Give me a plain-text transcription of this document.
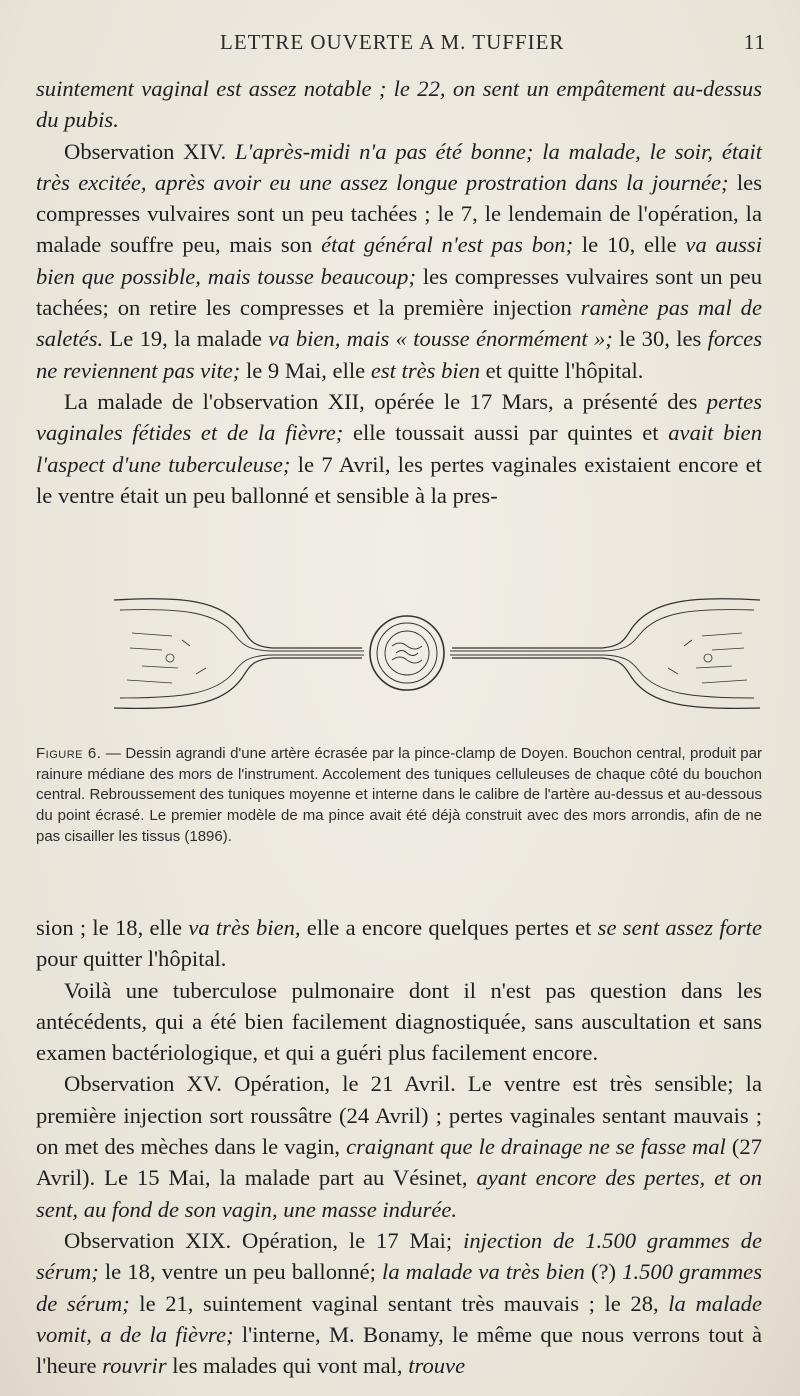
LETTRE OUVERTE A M. TUFFIER	11

suintement vaginal est assez notable ; le 22, on sent un empâtement au-dessus du pubis.

Observation XIV. L'après-midi n'a pas été bonne; la malade, le soir, était très excitée, après avoir eu une assez longue prostration dans la journée; les compresses vulvaires sont un peu tachées ; le 7, le lendemain de l'opération, la malade souffre peu, mais son état général n'est pas bon; le 10, elle va aussi bien que possible, mais tousse beaucoup; les compresses vulvaires sont un peu tachées; on retire les compresses et la première injection ramène pas mal de saletés. Le 19, la malade va bien, mais « tousse énormément »; le 30, les forces ne reviennent pas vite; le 9 Mai, elle est très bien et quitte l'hôpital.

La malade de l'observation XII, opérée le 17 Mars, a présenté des pertes vaginales fétides et de la fièvre; elle toussait aussi par quintes et avait bien l'aspect d'une tuberculeuse; le 7 Avril, les pertes vaginales existaient encore et le ventre était un peu ballonné et sensible à la pres-

Figure 6. — Dessin agrandi d'une artère écrasée par la pince-clamp de Doyen. Bouchon central, produit par rainure médiane des mors de l'instrument. Accolement des tuniques celluleuses de chaque côté du bouchon central. Rebroussement des tuniques moyenne et interne dans le calibre de l'artère au-dessus et au-dessous du point écrasé. Le premier modèle de ma pince avait été déjà construit avec des mors arrondis, afin de ne pas cisailler les tissus (1896).

sion ; le 18, elle va très bien, elle a encore quelques pertes et se sent assez forte pour quitter l'hôpital.

Voilà une tuberculose pulmonaire dont il n'est pas question dans les antécédents, qui a été bien facilement diagnostiquée, sans auscultation et sans examen bactériologique, et qui a guéri plus facilement encore.

Observation XV. Opération, le 21 Avril. Le ventre est très sensible; la première injection sort roussâtre (24 Avril) ; pertes vaginales sentant mauvais ; on met des mèches dans le vagin, craignant que le drainage ne se fasse mal (27 Avril). Le 15 Mai, la malade part au Vésinet, ayant encore des pertes, et on sent, au fond de son vagin, une masse indurée.

Observation XIX. Opération, le 17 Mai; injection de 1.500 grammes de sérum; le 18, ventre un peu ballonné; la malade va très bien (?) 1.500 grammes de sérum; le 21, suintement vaginal sentant très mauvais ; le 28, la malade vomit, a de la fièvre; l'interne, M. Bonamy, le même que nous verrons tout à l'heure rouvrir les malades qui vont mal, trouve
